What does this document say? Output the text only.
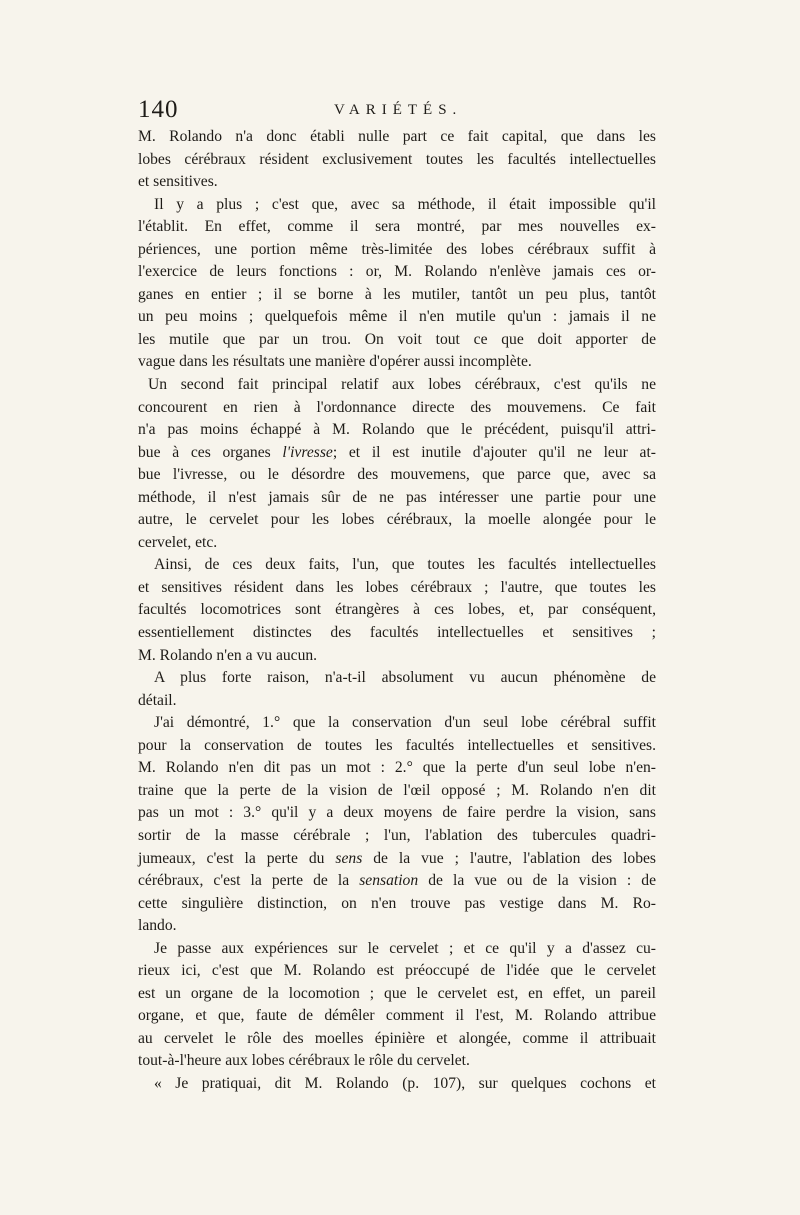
140	VARIÉTÉS.
M. Rolando n'a donc établi nulle part ce fait capital, que dans les
lobes cérébraux résident exclusivement toutes les facultés intellectuelles
et sensitives.
Il y a plus ; c'est que, avec sa méthode, il était impossible qu'il
l'établit. En effet, comme il sera montré, par mes nouvelles ex-
périences, une portion même très-limitée des lobes cérébraux suffit à
l'exercice de leurs fonctions : or, M. Rolando n'enlève jamais ces or-
ganes en entier ; il se borne à les mutiler, tantôt un peu plus, tantôt
un peu moins ; quelquefois même il n'en mutile qu'un : jamais il ne
les mutile que par un trou. On voit tout ce que doit apporter de
vague dans les résultats une manière d'opérer aussi incomplète.
Un second fait principal relatif aux lobes cérébraux, c'est qu'ils ne
concourent en rien à l'ordonnance directe des mouvemens. Ce fait
n'a pas moins échappé à M. Rolando que le précédent, puisqu'il attri-
bue à ces organes l'ivresse; et il est inutile d'ajouter qu'il ne leur at-
bue l'ivresse, ou le désordre des mouvemens, que parce que, avec sa
méthode, il n'est jamais sûr de ne pas intéresser une partie pour une
autre, le cervelet pour les lobes cérébraux, la moelle alongée pour le
cervelet, etc.
Ainsi, de ces deux faits, l'un, que toutes les facultés intellectuelles
et sensitives résident dans les lobes cérébraux ; l'autre, que toutes les
facultés locomotrices sont étrangères à ces lobes, et, par conséquent,
essentiellement distinctes des facultés intellectuelles et sensitives ;
M. Rolando n'en a vu aucun.
A plus forte raison, n'a-t-il absolument vu aucun phénomène de
détail.
J'ai démontré, 1.° que la conservation d'un seul lobe cérébral suffit
pour la conservation de toutes les facultés intellectuelles et sensitives.
M. Rolando n'en dit pas un mot : 2.° que la perte d'un seul lobe n'en-
traine que la perte de la vision de l'œil opposé ; M. Rolando n'en dit
pas un mot : 3.° qu'il y a deux moyens de faire perdre la vision, sans
sortir de la masse cérébrale ; l'un, l'ablation des tubercules quadri-
jumeaux, c'est la perte du sens de la vue ; l'autre, l'ablation des lobes
cérébraux, c'est la perte de la sensation de la vue ou de la vision : de
cette singulière distinction, on n'en trouve pas vestige dans M. Ro-
lando.
Je passe aux expériences sur le cervelet ; et ce qu'il y a d'assez cu-
rieux ici, c'est que M. Rolando est préoccupé de l'idée que le cervelet
est un organe de la locomotion ; que le cervelet est, en effet, un pareil
organe, et que, faute de démêler comment il l'est, M. Rolando attribue
au cervelet le rôle des moelles épinière et alongée, comme il attribuait
tout-à-l'heure aux lobes cérébraux le rôle du cervelet.
« Je pratiquai, dit M. Rolando (p. 107), sur quelques cochons et
